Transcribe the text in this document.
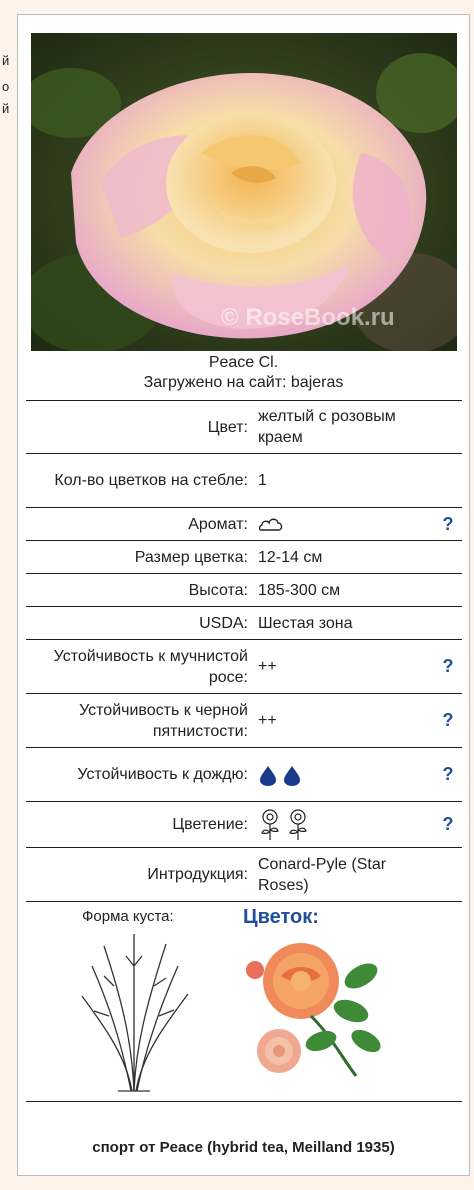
й
о
й
© RoseBook.ru
Peace Cl.
Загружено на сайт: bajeras
Цвет:	желтый с розовым краем	
Кол-во цветков на стебле:	1	
Аромат:		?
Размер цветка:	12-14 см	
Высота:	185-300 см	
USDA:	Шестая зона	
Устойчивость к мучнистой росе:	++	?
Устойчивость к черной пятнистости:	++	?
Устойчивость к дождю:		?
Цветение:		?
Интродукция:	Conard-Pyle (Star Roses)	
Форма куста:	Цветок:
спорт от Peace (hybrid tea, Meilland 1935)
